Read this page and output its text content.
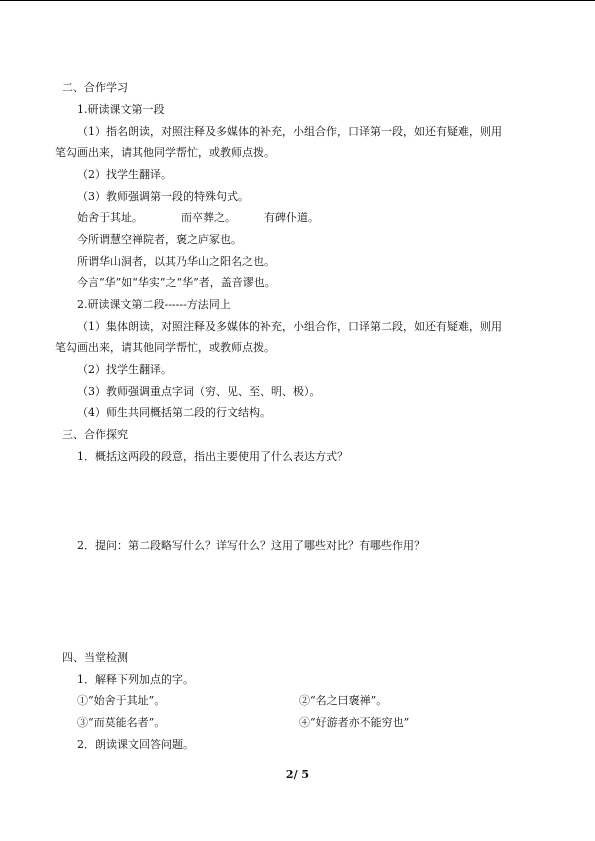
二、合作学习
1.研读课文第一段
（1）指名朗读，对照注释及多媒体的补充，小组合作，口译第一段，如还有疑难，则用
笔勾画出来，请其他同学帮忙，或教师点拨。
（2）找学生翻译。
（3）教师强调第一段的特殊句式。
始舍于其址。	而卒葬之。	有碑仆道。
今所谓慧空禅院者，褒之庐冢也。
所谓华山洞者，以其乃华山之阳名之也。
今言“华”如“华实”之“华”者，盖音谬也。
2.研读课文第二段------方法同上
（1）集体朗读，对照注释及多媒体的补充，小组合作，口译第二段，如还有疑难，则用
笔勾画出来，请其他同学帮忙，或教师点拨。
（2）找学生翻译。
（3）教师强调重点字词（穷、见、至、明、极）。
（4）师生共同概括第二段的行文结构。
三、合作探究
1．概括这两段的段意，指出主要使用了什么表达方式？
2．提问：第二段略写什么？详写什么？这用了哪些对比？有哪些作用？
四、当堂检测
1．解释下列加点的字。
①“始舍于其址”。	②“名之曰褒禅”。
③“而莫能名者”。	④“好游者亦不能穷也”
2．朗读课文回答问题。
2/ 5
